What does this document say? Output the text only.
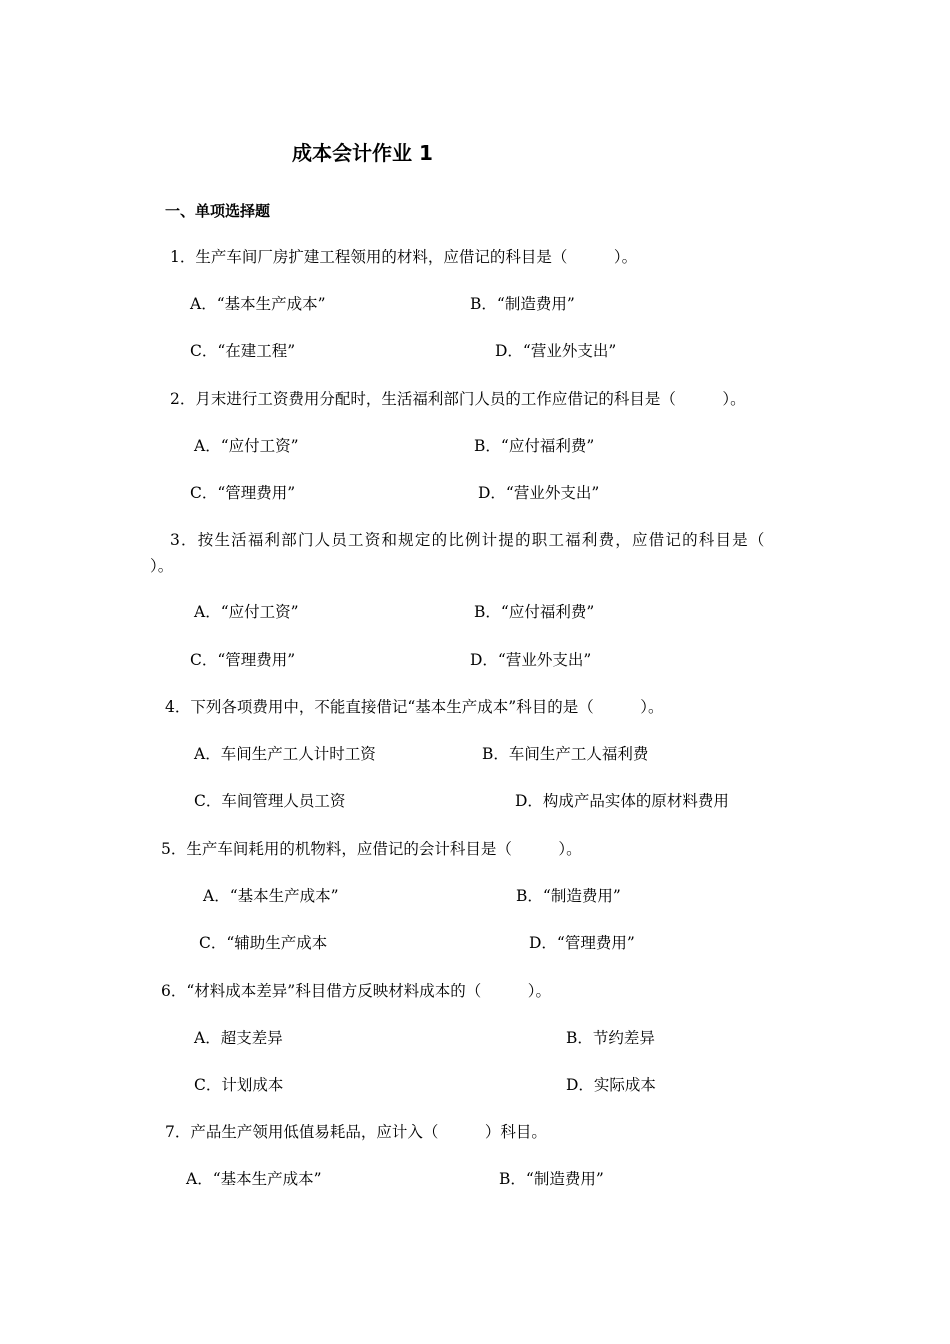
成本会计作业 1
一、单项选择题
1．生产车间厂房扩建工程领用的材料，应借记的科目是（　　　）。
A．“基本生产成本”	B．“制造费用”
C．“在建工程”	D．“营业外支出”
2．月末进行工资费用分配时，生活福利部门人员的工作应借记的科目是（　　　）。
A．“应付工资”	B．“应付福利费”
C．“管理费用”	D．“营业外支出”
3．按生活福利部门人员工资和规定的比例计提的职工福利费，应借记的科目是（
）。
A．“应付工资”	B．“应付福利费”
C．“管理费用”	D．“营业外支出”
4．下列各项费用中，不能直接借记“基本生产成本”科目的是（　　　）。
A．车间生产工人计时工资	B．车间生产工人福利费
C．车间管理人员工资	D．构成产品实体的原材料费用
5．生产车间耗用的机物料，应借记的会计科目是（　　　）。
A．“基本生产成本”	B．“制造费用”
C．“辅助生产成本	D．“管理费用”
6．“材料成本差异”科目借方反映材料成本的（　　　）。
A．超支差异	B．节约差异
C．计划成本	D．实际成本
7．产品生产领用低值易耗品，应计入（　　　）科目。
A．“基本生产成本”	B．“制造费用”
